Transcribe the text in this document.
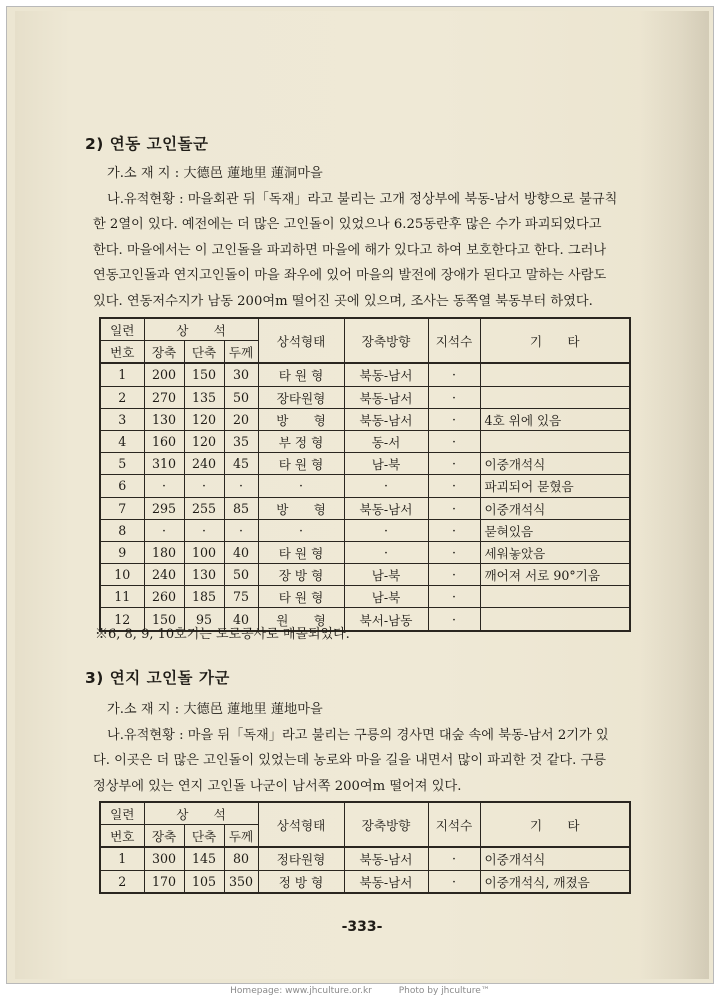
2) 연동 고인돌군
가.소 재 지 : 大德邑 蓮地里 蓮洞마을
나.유적현황 : 마을회관 뒤「독재」라고 불리는 고개 정상부에 북동-남서 방향으로 불규칙
한 2열이 있다. 예전에는 더 많은 고인돌이 있었으나 6.25동란후 많은 수가 파괴되었다고
한다. 마을에서는 이 고인돌을 파괴하면 마을에 해가 있다고 하여 보호한다고 한다. 그러나
연동고인돌과 연지고인돌이 마을 좌우에 있어 마을의 발전에 장애가 된다고 말하는 사람도
있다. 연동저수지가 남동 200여m 떨어진 곳에 있으며, 조사는 동쪽열 북동부터 하였다.
일련	상　　석			상석형태	장축방향	지석수	기　　타
번호	장축	단축	두께				
1	200	150	30	타 원 형	북동-남서	·	
2	270	135	50	장타원형	북동-남서	·	
3	130	120	20	방　　형	북동-남서	·	4호 위에 있음
4	160	120	35	부 정 형	동-서	·	
5	310	240	45	타 원 형	남-북	·	이중개석식
6	·	·	·	·	·	·	파괴되어 묻혔음
7	295	255	85	방　　형	북동-남서	·	이중개석식
8	·	·	·	·	·	·	묻혀있음
9	180	100	40	타 원 형	·	·	세워놓았음
10	240	130	50	장 방 형	남-북	·	깨어져 서로 90°기움
11	260	185	75	타 원 형	남-북	·	
12	150	95	40	원　　형	북서-남동	·	
※6, 8, 9, 10호기는 도로공사로 매몰되었다.
3) 연지 고인돌 가군
가.소 재 지 : 大德邑 蓮地里 蓮地마을
나.유적현황 : 마을 뒤「독재」라고 불리는 구릉의 경사면 대숲 속에 북동-남서 2기가 있
다. 이곳은 더 많은 고인돌이 있었는데 농로와 마을 길을 내면서 많이 파괴한 것 같다. 구릉
정상부에 있는 연지 고인돌 나군이 남서쪽 200여m 떨어져 있다.
일련	상　　석			상석형태	장축방향	지석수	기　　타
번호	장축	단축	두께				
1	300	145	80	정타원형	북동-남서	·	이중개석식
2	170	105	350	정 방 형	북동-남서	·	이중개석식, 깨졌음
-333-
Homepage: www.jhculture.or.kr	Photo by jhculture™
